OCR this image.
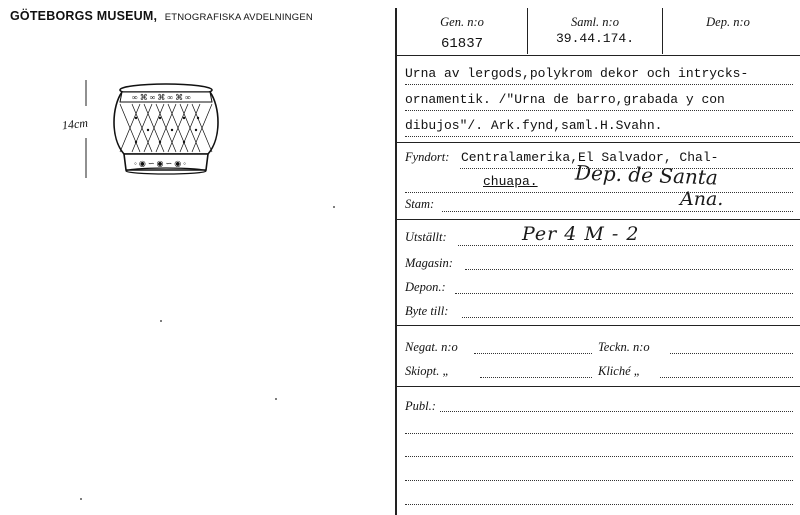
GÖTEBORGS MUSEUM, ETNOGRAFISKA AVDELNINGEN
∞ ⌘ ∞ ⌘ ∞ ⌘ ∞
◦ ◉ ∽ ◉ ∽ ◉ ◦
14cm
Gen. n:o
61837
Saml. n:o
39.44.174.
Dep. n:o
Urna av lergods,polykrom dekor och intrycks-
ornamentik. /"Urna de barro,grabada y con
dibujos"/. Ark.fynd,saml.H.Svahn.
Fyndort: Centralamerika,El Salvador, Chal-
chuapa. Dep. de Santa
Ana.
Stam:
Utställt:	Per 4 M - 2
Magasin:
Depon.:
Byte till:
Negat. n:o	Teckn. n:o
Skiopt. „	Kliché „
Publ.:
